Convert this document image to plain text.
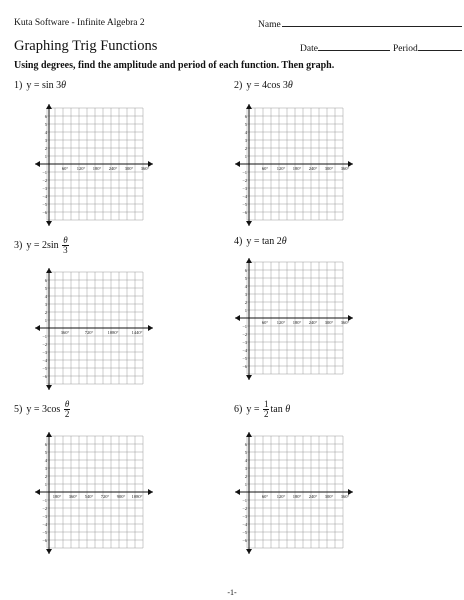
Kuta Software - Infinite Algebra 2	Name
Graphing Trig Functions	Date	Period
Using degrees, find the amplitude and period of each function. Then graph.
1) y = sin 3θ	2) y = 4cos 3θ
3) $y = 2\sin \frac{\theta}{3}$	4) y = tan 2θ
5) $y = 3\cos \frac{\theta}{2}$	6) $y = \frac{1}{2}$ tan θ
6
5
4
3
2
1
−1
−2
−3
−4
−5
−6
60° 120° 180° 240° 300° 360°
6
5
4
3
2
1
−1
−2
−3
−4
−5
−6
60° 120° 180° 240° 300° 360°
6
5
4
3
2
1
−1
−2
−3
−4
−5
−6
360°	720°	1080°	1440°
6
5
4
3
2
1
−1
−2
−3
−4
−5
−6
60° 120° 180° 240° 300° 360°
6
5
4
3
2
1
−1
−2
−3
−4
−5
−6
180° 360° 540° 720° 900° 1080°
6
5
4
3
2
1
−1
−2
−3
−4
−5
−6
60° 120° 180° 240° 300° 360°
-1-
